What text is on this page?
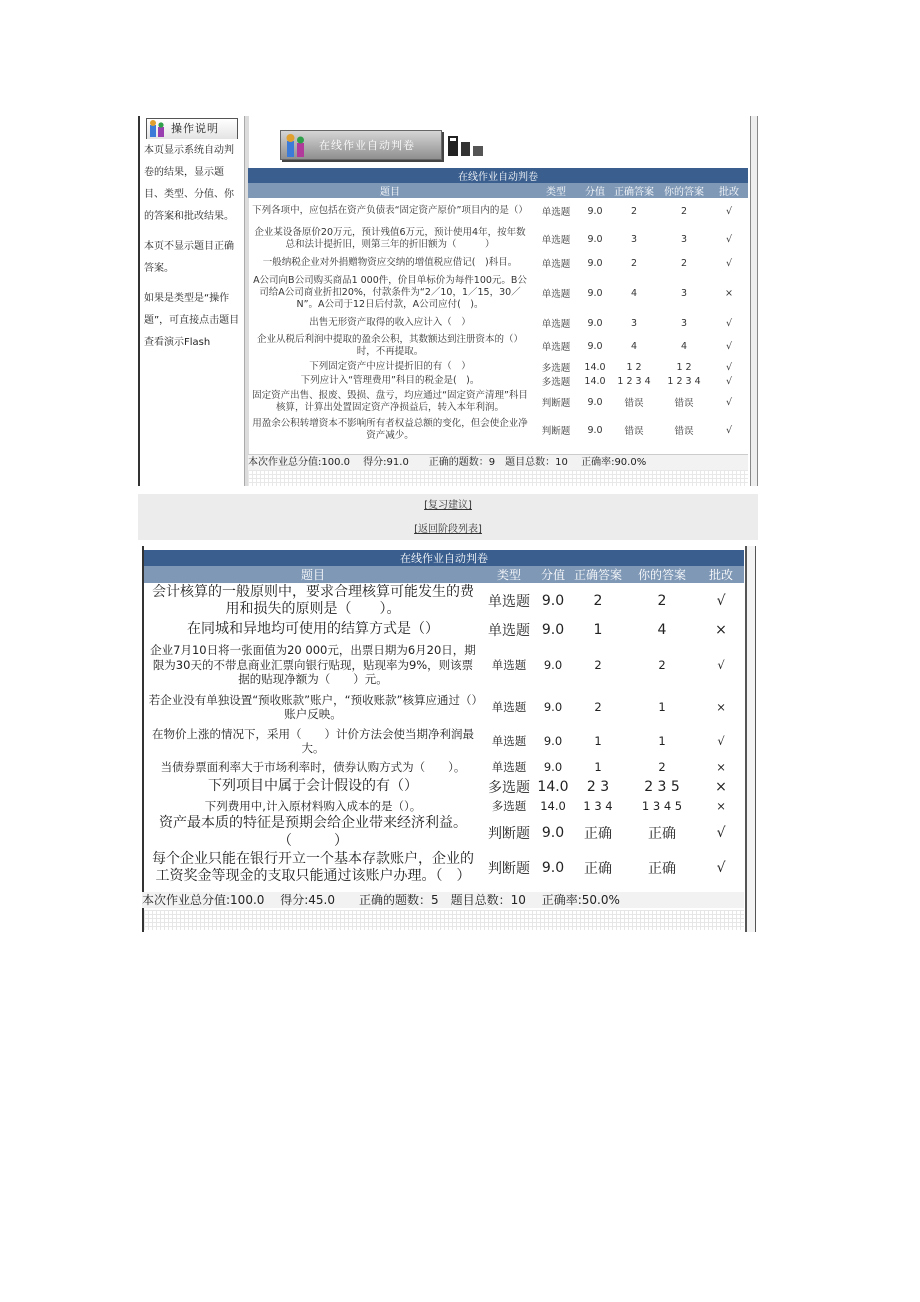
操作说明

本页显示系统自动判卷的结果，显示题目、类型、分值、你的答案和批改结果。

本页不显示题目正确答案。

如果是类型是“操作题”，可直接点击题目查看演示Flash

在线作业自动判卷
在线作业自动判卷					
题目	类型	分值	正确答案	你的答案	批改
下列各项中，应包括在资产负债表“固定资产原价”项目内的是（）	单选题	9.0	2	2	√
企业某设备原价20万元，预计残值6万元，预计使用4年，按年数总和法计提折旧，则第三年的折旧额为（　　　）	单选题	9.0	3	3	√
一般纳税企业对外捐赠物资应交纳的增值税应借记(　)科目。	单选题	9.0	2	2	√
A公司向B公司购买商品1 000件，价目单标价为每件100元。B公司给A公司商业折扣20%，付款条件为“2／10，1／15，30／N”。A公司于12日后付款，A公司应付(　)。	单选题	9.0	4	3	×
出售无形资产取得的收入应计入（　）	单选题	9.0	3	3	√
企业从税后利润中提取的盈余公积，其数额达到注册资本的（）时，不再提取。	单选题	9.0	4	4	√
下列固定资产中应计提折旧的有（　）	多选题	14.0	1 2	1 2	√
下列应计入“管理费用”科目的税金是(　)。	多选题	14.0	1 2 3 4	1 2 3 4	√
固定资产出售、报废、毁损、盘亏，均应通过“固定资产清理”科目核算，计算出处置固定资产净损益后，转入本年利润。	判断题	9.0	错误	错误	√
用盈余公积转增资本不影响所有者权益总额的变化，但会使企业净资产减少。	判断题	9.0	错误	错误	√
本次作业总分值:100.0　 得分:91.0　　正确的题数：9　题目总数：10　 正确率:90.0%
[复习建议]
[返回阶段列表]
在线作业自动判卷					
题目	类型	分值	正确答案	你的答案	批改
会计核算的一般原则中，要求合理核算可能发生的费用和损失的原则是（　　）。	单选题	9.0	2	2	√
在同城和异地均可使用的结算方式是（）	单选题	9.0	1	4	×
企业7月10日将一张面值为20 000元，出票日期为6月20日，期限为30天的不带息商业汇票向银行贴现，贴现率为9%，则该票据的贴现净额为（　　）元。	单选题	9.0	2	2	√
若企业没有单独设置“预收账款”账户，“预收账款”核算应通过（）账户反映。	单选题	9.0	2	1	×
在物价上涨的情况下，采用（　　）计价方法会使当期净利润最大。	单选题	9.0	1	1	√
当债券票面利率大于市场利率时，债券认购方式为（　　）。	单选题	9.0	1	2	×
下列项目中属于会计假设的有（）	多选题	14.0	2 3	2 3 5	×
下列费用中,计入原材料购入成本的是（）。	多选题	14.0	1 3 4	1 3 4 5	×
资产最本质的特征是预期会给企业带来经济利益。（　　　）	判断题	9.0	正确	正确	√
每个企业只能在银行开立一个基本存款账户，企业的工资奖金等现金的支取只能通过该账户办理。（　）	判断题	9.0	正确	正确	√
本次作业总分值:100.0　 得分:45.0　　正确的题数：5　题目总数：10　 正确率:50.0%
